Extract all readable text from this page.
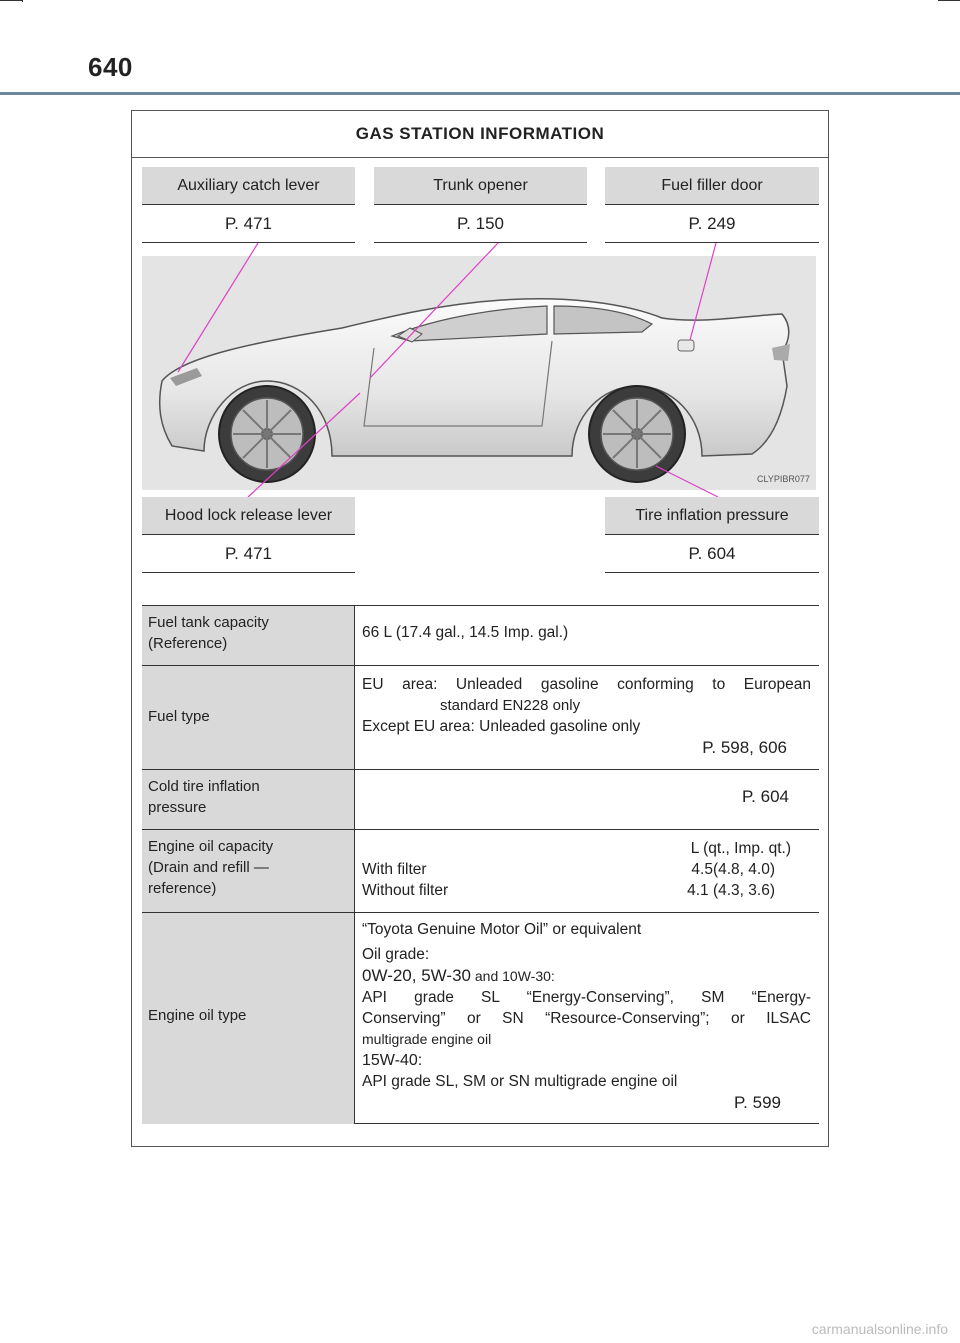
640
GAS STATION INFORMATION
Auxiliary catch lever
P. 471
Trunk opener
P. 150
Fuel filler door
P. 249
CLYPIBR077
Hood lock release lever
P. 471
Tire inflation pressure
P. 604
Fuel tank capacity
(Reference)
66 L (17.4 gal., 14.5 Imp. gal.)
Fuel type
EU area: Unleaded gasoline conforming to European
standard EN228 only
Except EU area: Unleaded gasoline only
P. 598, 606
Cold tire inflation
pressure
P. 604
Engine oil capacity
(Drain and refill —
reference)
L (qt., Imp. qt.)
With filter	4.5(4.8, 4.0)
Without filter	4.1 (4.3, 3.6)
Engine oil type
“Toyota Genuine Motor Oil” or equivalent
Oil grade:
0W-20, 5W-30 and 10W-30:
API grade SL “Energy-Conserving”, SM “Energy-
Conserving” or SN “Resource-Conserving”; or ILSAC
multigrade engine oil
15W-40:
API grade SL, SM or SN multigrade engine oil
P. 599
carmanualsonline.info
